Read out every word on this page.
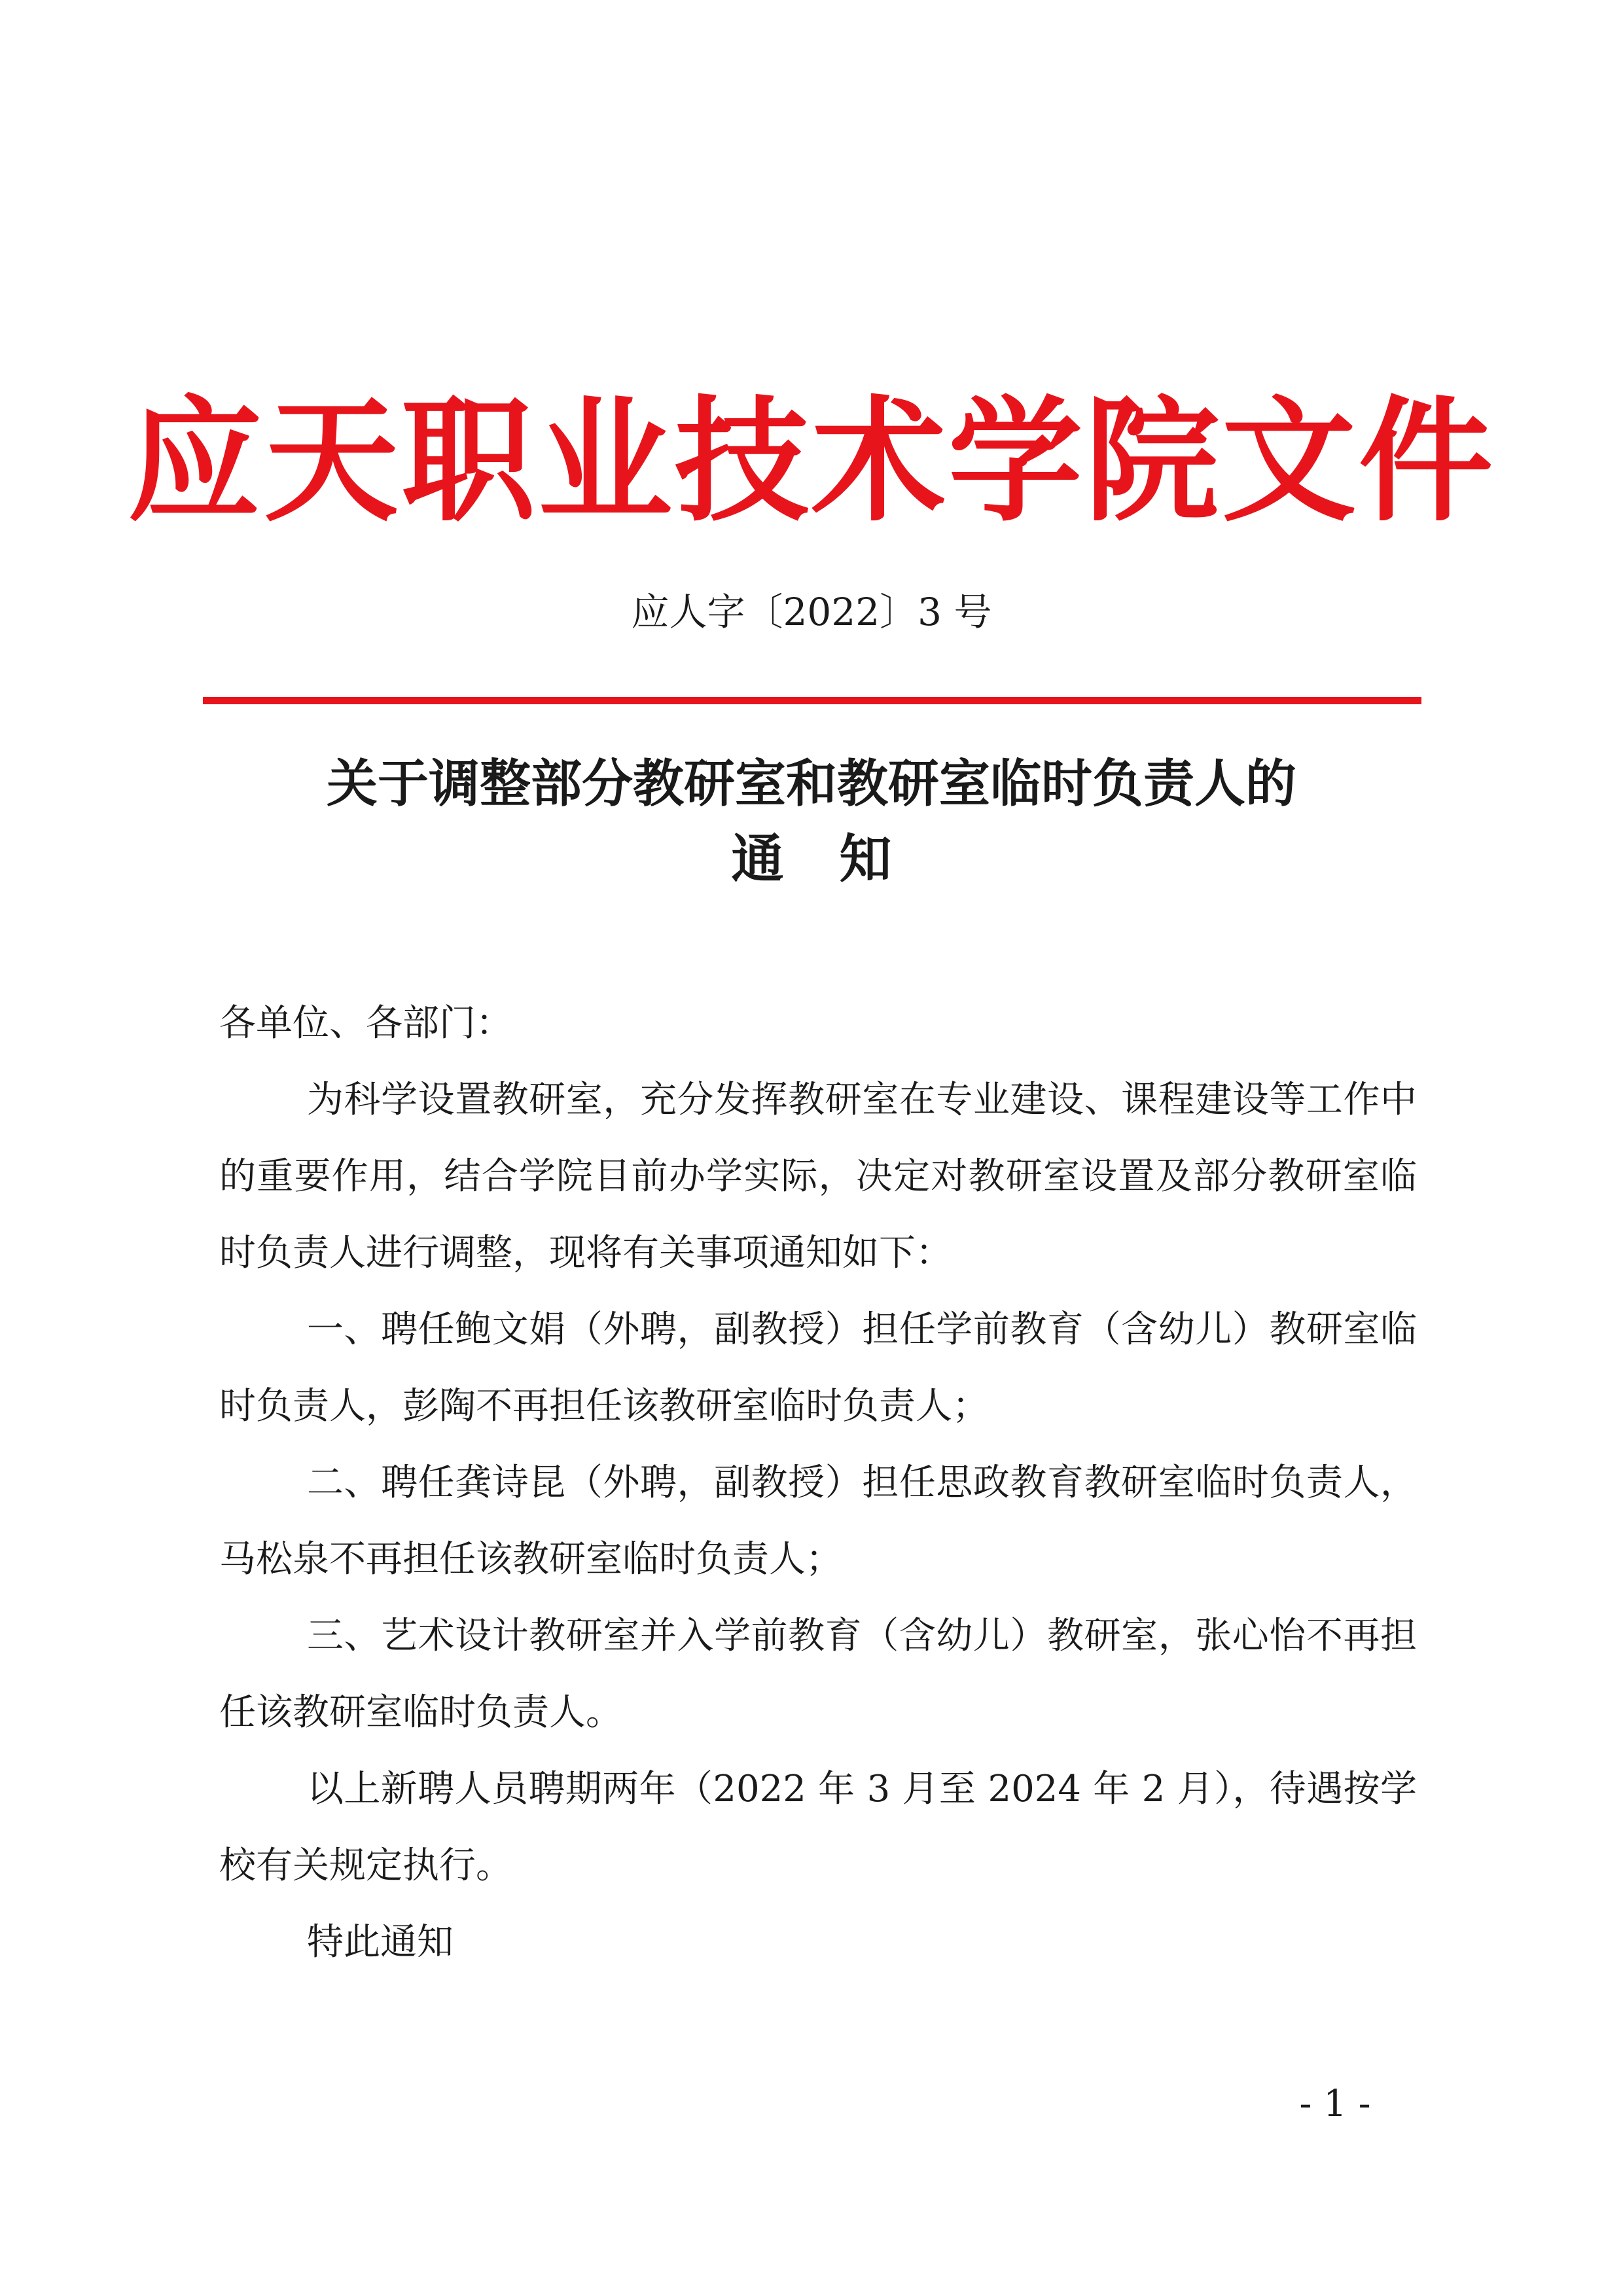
应天职业技术学院文件
应人字〔2022〕3 号
关于调整部分教研室和教研室临时负责人的
通知

各单位、各部门：

为科学设置教研室，充分发挥教研室在专业建设、课程建设等工作中的重要作用，结合学院目前办学实际，决定对教研室设置及部分教研室临时负责人进行调整，现将有关事项通知如下：

一、聘任鲍文娟（外聘，副教授）担任学前教育（含幼儿）教研室临时负责人，彭陶不再担任该教研室临时负责人；

二、聘任龚诗昆（外聘，副教授）担任思政教育教研室临时负责人，马松泉不再担任该教研室临时负责人；

三、艺术设计教研室并入学前教育（含幼儿）教研室，张心怡不再担任该教研室临时负责人。

以上新聘人员聘期两年（2022 年 3 月至 2024 年 2 月），待遇按学校有关规定执行。

特此通知

- 1 -
